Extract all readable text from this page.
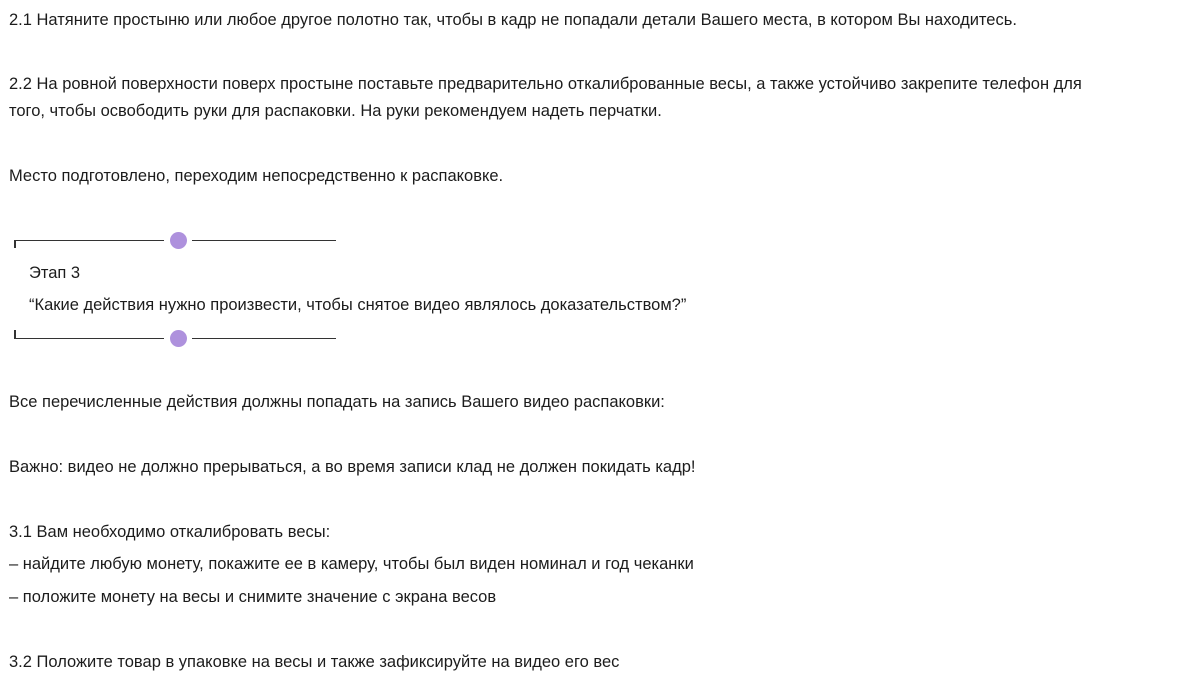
2.1 Натяните простыню или любое другое полотно так, чтобы в кадр не попадали детали Вашего места, в котором Вы находитесь.
2.2 На ровной поверхности поверх простыне поставьте предварительно откалиброванные весы, а также устойчиво закрепите телефон для
того, чтобы освободить руки для распаковки. На руки рекомендуем надеть перчатки.
Место подготовлено, переходим непосредственно к распаковке.
Этап 3
“Какие действия нужно произвести, чтобы снятое видео являлось доказательством?”
Все перечисленные действия должны попадать на запись Вашего видео распаковки:
Важно: видео не должно прерываться, а во время записи клад не должен покидать кадр!
3.1 Вам необходимо откалибровать весы:
– найдите любую монету, покажите ее в камеру, чтобы был виден номинал и год чеканки
– положите монету на весы и снимите значение с экрана весов
3.2 Положите товар в упаковке на весы и также зафиксируйте на видео его вес
